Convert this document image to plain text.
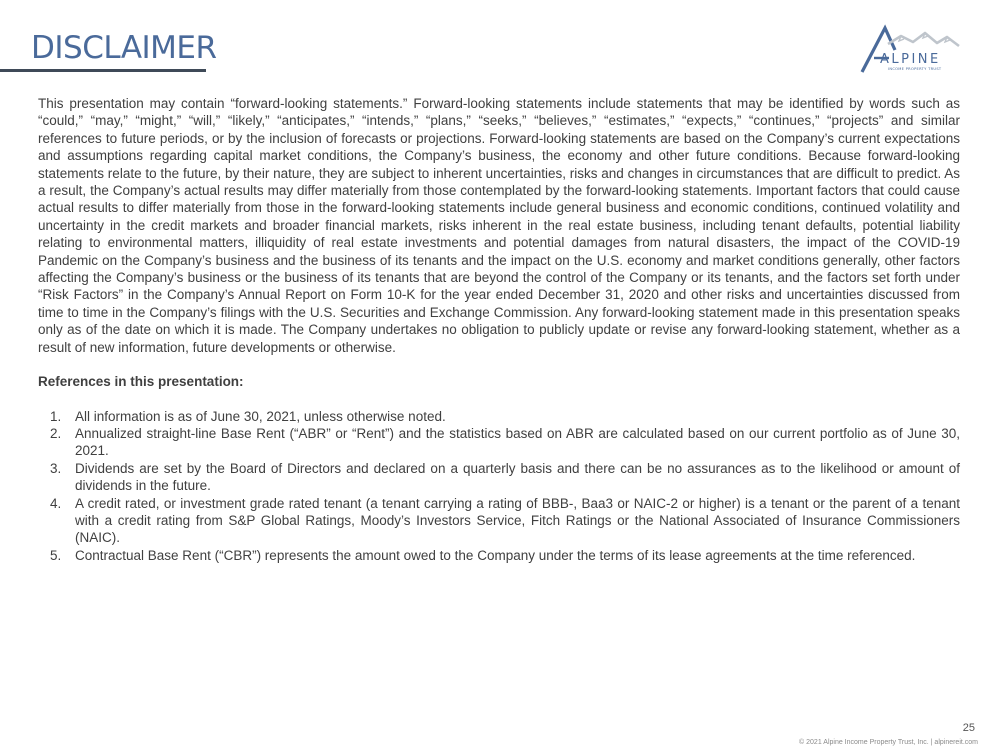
DISCLAIMER	ALPINE
INCOME PROPERTY TRUST

This presentation may contain “forward-looking statements.” Forward-looking statements include statements that may be identified by words such as “could,” “may,” “might,” “will,” “likely,” “anticipates,” “intends,” “plans,” “seeks,” “believes,” “estimates,” “expects,” “continues,” “projects” and similar references to future periods, or by the inclusion of forecasts or projections. Forward-looking statements are based on the Company’s current expectations and assumptions regarding capital market conditions, the Company’s business, the economy and other future conditions. Because forward-looking statements relate to the future, by their nature, they are subject to inherent uncertainties, risks and changes in circumstances that are difficult to predict. As a result, the Company’s actual results may differ materially from those contemplated by the forward-looking statements. Important factors that could cause actual results to differ materially from those in the forward-looking statements include general business and economic conditions, continued volatility and uncertainty in the credit markets and broader financial markets, risks inherent in the real estate business, including tenant defaults, potential liability relating to environmental matters, illiquidity of real estate investments and potential damages from natural disasters, the impact of the COVID-19 Pandemic on the Company’s business and the business of its tenants and the impact on the U.S. economy and market conditions generally, other factors affecting the Company’s business or the business of its tenants that are beyond the control of the Company or its tenants, and the factors set forth under “Risk Factors” in the Company’s Annual Report on Form 10-K for the year ended December 31, 2020 and other risks and uncertainties discussed from time to time in the Company’s filings with the U.S. Securities and Exchange Commission. Any forward-looking statement made in this presentation speaks only as of the date on which it is made. The Company undertakes no obligation to publicly update or revise any forward-looking statement, whether as a result of new information, future developments or otherwise.

References in this presentation:

1. All information is as of June 30, 2021, unless otherwise noted.
2. Annualized straight-line Base Rent (“ABR” or “Rent”) and the statistics based on ABR are calculated based on our current portfolio as of June 30, 2021.
3. Dividends are set by the Board of Directors and declared on a quarterly basis and there can be no assurances as to the likelihood or amount of dividends in the future.
4. A credit rated, or investment grade rated tenant (a tenant carrying a rating of BBB-, Baa3 or NAIC-2 or higher) is a tenant or the parent of a tenant with a credit rating from S&P Global Ratings, Moody’s Investors Service, Fitch Ratings or the National Associated of Insurance Commissioners (NAIC).
5. Contractual Base Rent (“CBR”) represents the amount owed to the Company under the terms of its lease agreements at the time referenced.
25
© 2021 Alpine Income Property Trust, Inc. | alpinereit.com
